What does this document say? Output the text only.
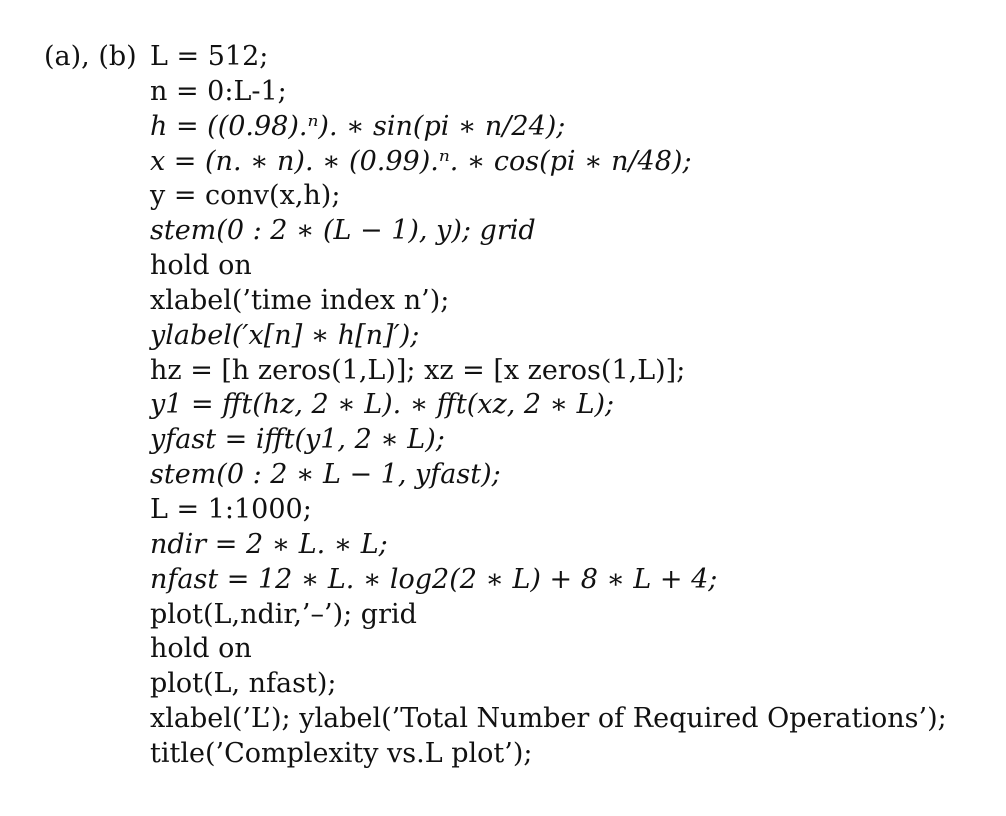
(a), (b) L = 512;
n = 0:L-1;
h = ((0.98).ⁿ). ∗ sin(pi ∗ n/24);
x = (n. ∗ n). ∗ (0.99).ⁿ. ∗ cos(pi ∗ n/48);
y = conv(x,h);
stem(0 : 2 ∗ (L − 1), y); grid
hold on
xlabel(’time index n’);
ylabel(′x[n] ∗ h[n]′);
hz = [h zeros(1,L)]; xz = [x zeros(1,L)];
y1 = fft(hz, 2 ∗ L). ∗ fft(xz, 2 ∗ L);
yfast = ifft(y1, 2 ∗ L);
stem(0 : 2 ∗ L − 1, yfast);
L = 1:1000;
ndir = 2 ∗ L. ∗ L;
nfast = 12 ∗ L. ∗ log2(2 ∗ L) + 8 ∗ L + 4;
plot(L,ndir,’–’); grid
hold on
plot(L, nfast);
xlabel(’L’); ylabel(’Total Number of Required Operations’);
title(’Complexity vs.L plot’);
